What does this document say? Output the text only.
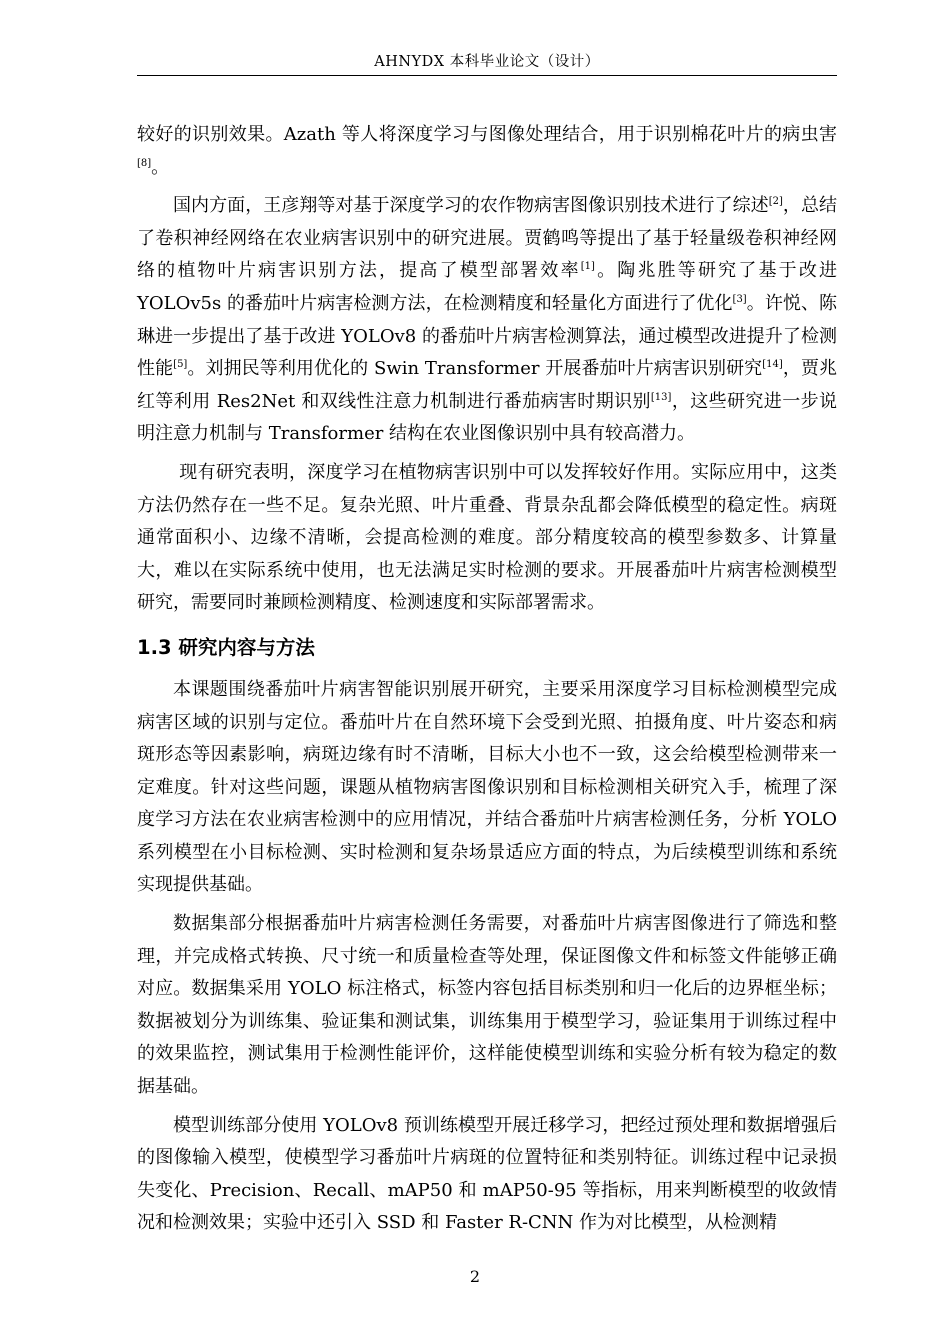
AHNYDX 本科毕业论文（设计）

较好的识别效果。Azath 等人将深度学习与图像处理结合，用于识别棉花叶片的病虫害[8]。

国内方面，王彦翔等对基于深度学习的农作物病害图像识别技术进行了综述[2]，总结了卷积神经网络在农业病害识别中的研究进展。贾鹤鸣等提出了基于轻量级卷积神经网络的植物叶片病害识别方法，提高了模型部署效率[1]。陶兆胜等研究了基于改进 YOLOv5s 的番茄叶片病害检测方法，在检测精度和轻量化方面进行了优化[3]。许悦、陈琳进一步提出了基于改进 YOLOv8 的番茄叶片病害检测算法，通过模型改进提升了检测性能[5]。刘拥民等利用优化的 Swin Transformer 开展番茄叶片病害识别研究[14]，贾兆红等利用 Res2Net 和双线性注意力机制进行番茄病害时期识别[13]，这些研究进一步说明注意力机制与 Transformer 结构在农业图像识别中具有较高潜力。

现有研究表明，深度学习在植物病害识别中可以发挥较好作用。实际应用中，这类方法仍然存在一些不足。复杂光照、叶片重叠、背景杂乱都会降低模型的稳定性。病斑通常面积小、边缘不清晰，会提高检测的难度。部分精度较高的模型参数多、计算量大，难以在实际系统中使用，也无法满足实时检测的要求。开展番茄叶片病害检测模型研究，需要同时兼顾检测精度、检测速度和实际部署需求。

1.3 研究内容与方法

本课题围绕番茄叶片病害智能识别展开研究，主要采用深度学习目标检测模型完成病害区域的识别与定位。番茄叶片在自然环境下会受到光照、拍摄角度、叶片姿态和病斑形态等因素影响，病斑边缘有时不清晰，目标大小也不一致，这会给模型检测带来一定难度。针对这些问题，课题从植物病害图像识别和目标检测相关研究入手，梳理了深度学习方法在农业病害检测中的应用情况，并结合番茄叶片病害检测任务，分析 YOLO 系列模型在小目标检测、实时检测和复杂场景适应方面的特点，为后续模型训练和系统实现提供基础。

数据集部分根据番茄叶片病害检测任务需要，对番茄叶片病害图像进行了筛选和整理，并完成格式转换、尺寸统一和质量检查等处理，保证图像文件和标签文件能够正确对应。数据集采用 YOLO 标注格式，标签内容包括目标类别和归一化后的边界框坐标；数据被划分为训练集、验证集和测试集，训练集用于模型学习，验证集用于训练过程中的效果监控，测试集用于检测性能评价，这样能使模型训练和实验分析有较为稳定的数据基础。

模型训练部分使用 YOLOv8 预训练模型开展迁移学习，把经过预处理和数据增强后的图像输入模型，使模型学习番茄叶片病斑的位置特征和类别特征。训练过程中记录损失变化、Precision、Recall、mAP50 和 mAP50-95 等指标，用来判断模型的收敛情况和检测效果；实验中还引入 SSD 和 Faster R-CNN 作为对比模型，从检测精

2
